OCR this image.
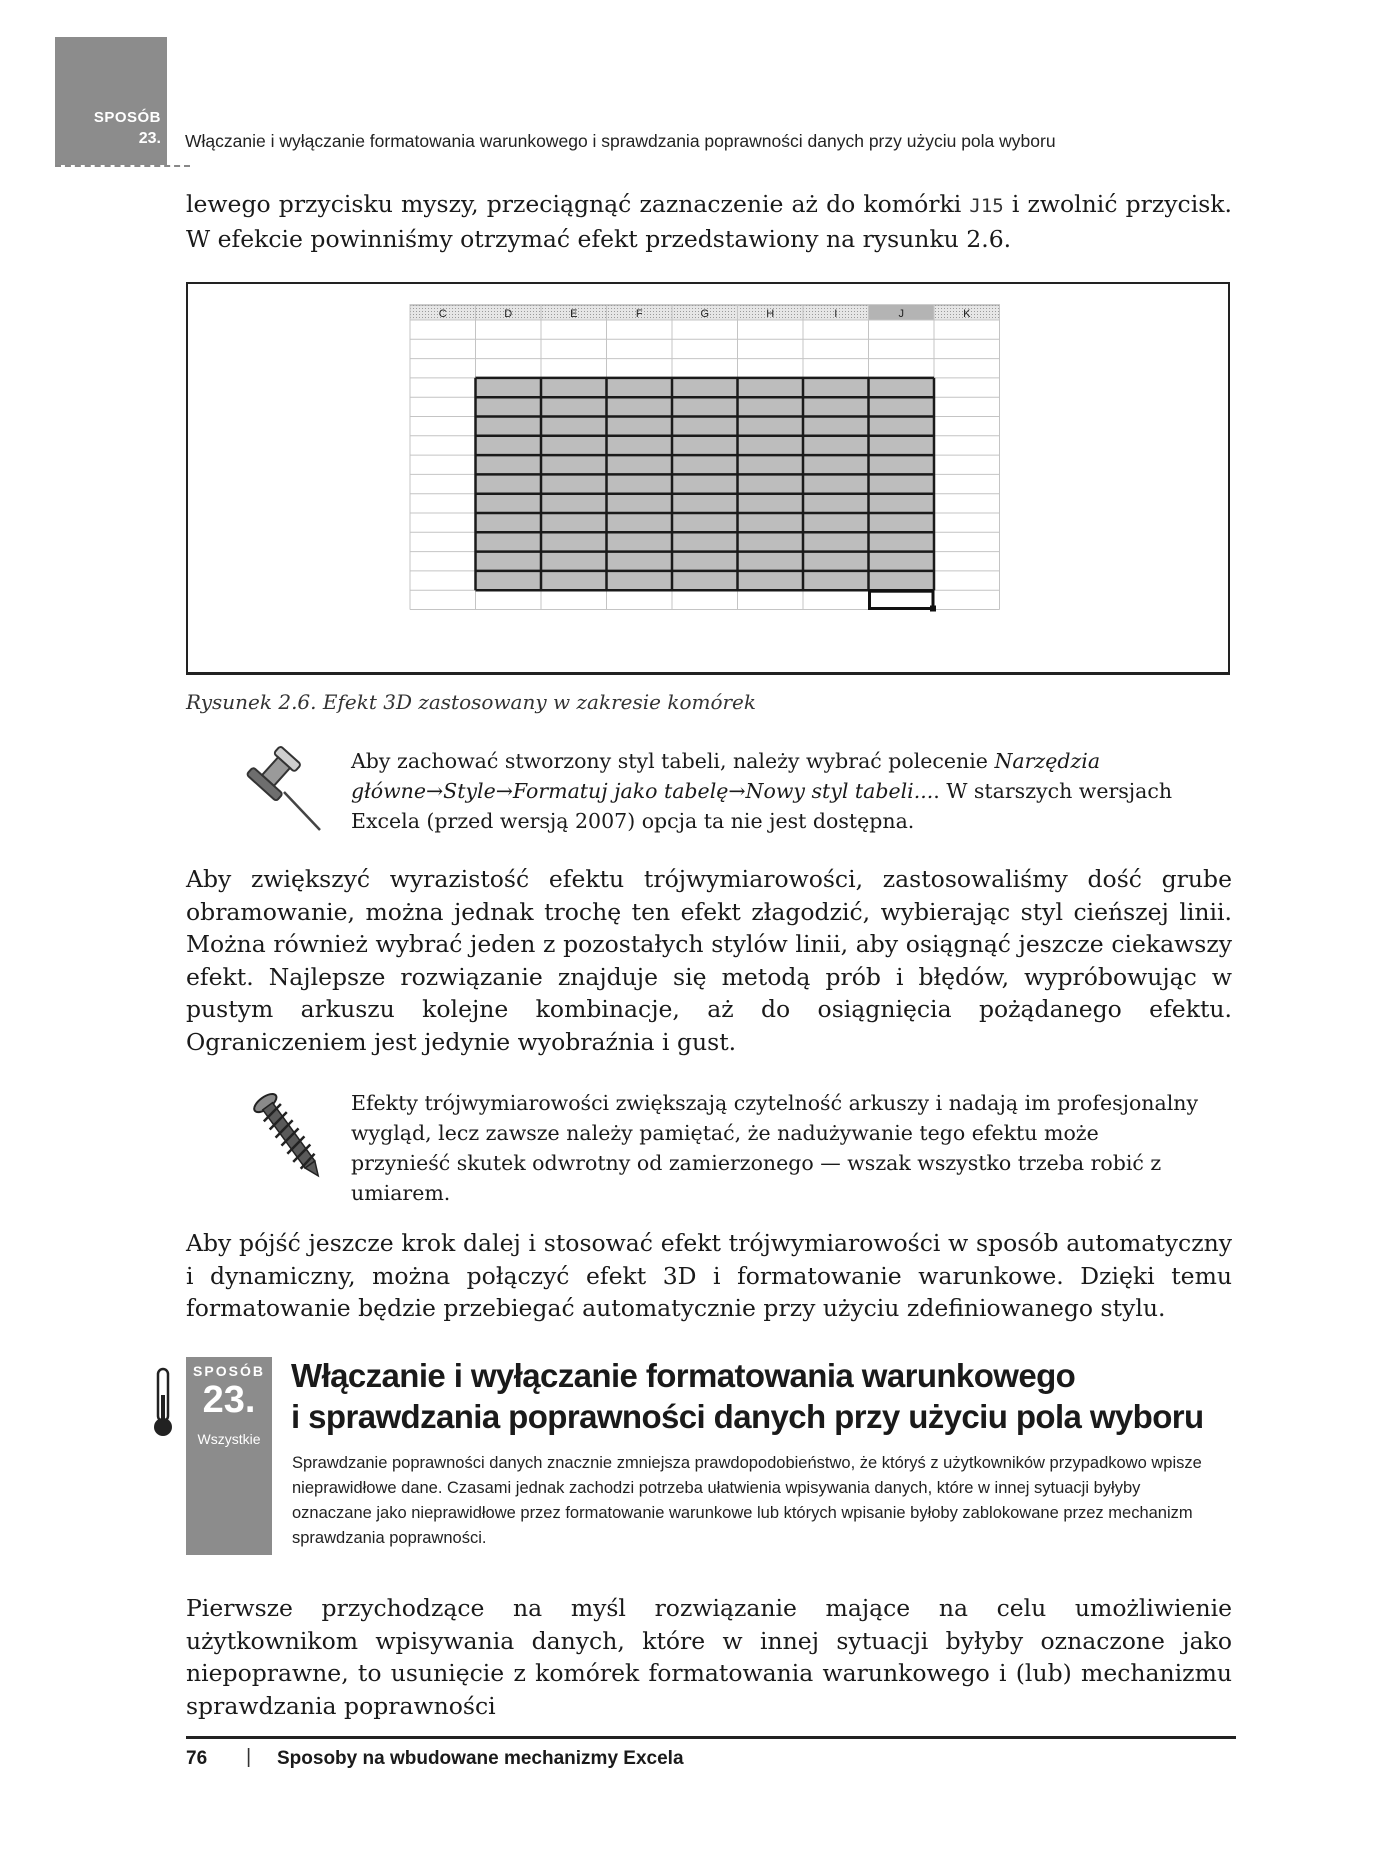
SPOSÓB
23. Włączanie i wyłączanie formatowania warunkowego i sprawdzania poprawności danych przy użyciu pola wyboru

lewego przycisku myszy, przeciągnąć zaznaczenie aż do komórki J15 i zwolnić przycisk. W efekcie powinniśmy otrzymać efekt przedstawiony na rysunku 2.6.

C	D	E	F	G	H	I	J	K
Rysunek 2.6. Efekt 3D zastosowany w zakresie komórek

Aby zachować stworzony styl tabeli, należy wybrać polecenie Narzędzia główne→Style→Formatuj jako tabelę→Nowy styl tabeli.... W starszych wersjach Excela (przed wersją 2007) opcja ta nie jest dostępna.

Aby zwiększyć wyrazistość efektu trójwymiarowości, zastosowaliśmy dość grube obramowanie, można jednak trochę ten efekt złagodzić, wybierając styl cieńszej linii. Można również wybrać jeden z pozostałych stylów linii, aby osiągnąć jeszcze ciekawszy efekt. Najlepsze rozwiązanie znajduje się metodą prób i błędów, wypróbowując w pustym arkuszu kolejne kombinacje, aż do osiągnięcia pożądanego efektu. Ograniczeniem jest jedynie wyobraźnia i gust.

Efekty trójwymiarowości zwiększają czytelność arkuszy i nadają im profesjonalny wygląd, lecz zawsze należy pamiętać, że nadużywanie tego efektu może przynieść skutek odwrotny od zamierzonego — wszak wszystko trzeba robić z umiarem.

Aby pójść jeszcze krok dalej i stosować efekt trójwymiarowości w sposób automatyczny i dynamiczny, można połączyć efekt 3D i formatowanie warunkowe. Dzięki temu formatowanie będzie przebiegać automatycznie przy użyciu zdefiniowanego stylu.

SPOSÓB
23.
Wszystkie
Włączanie i wyłączanie formatowania warunkowego
i sprawdzania poprawności danych przy użyciu pola wyboru

Sprawdzanie poprawności danych znacznie zmniejsza prawdopodobieństwo, że któryś z użytkowników przypadkowo wpisze nieprawidłowe dane. Czasami jednak zachodzi potrzeba ułatwienia wpisywania danych, które w innej sytuacji byłyby oznaczane jako nieprawidłowe przez formatowanie warunkowe lub których wpisanie byłoby zablokowane przez mechanizm sprawdzania poprawności.

Pierwsze przychodzące na myśl rozwiązanie mające na celu umożliwienie użytkownikom wpisywania danych, które w innej sytuacji byłyby oznaczone jako niepoprawne, to usunięcie z komórek formatowania warunkowego i (lub) mechanizmu sprawdzania poprawności

76 | Sposoby na wbudowane mechanizmy Excela
